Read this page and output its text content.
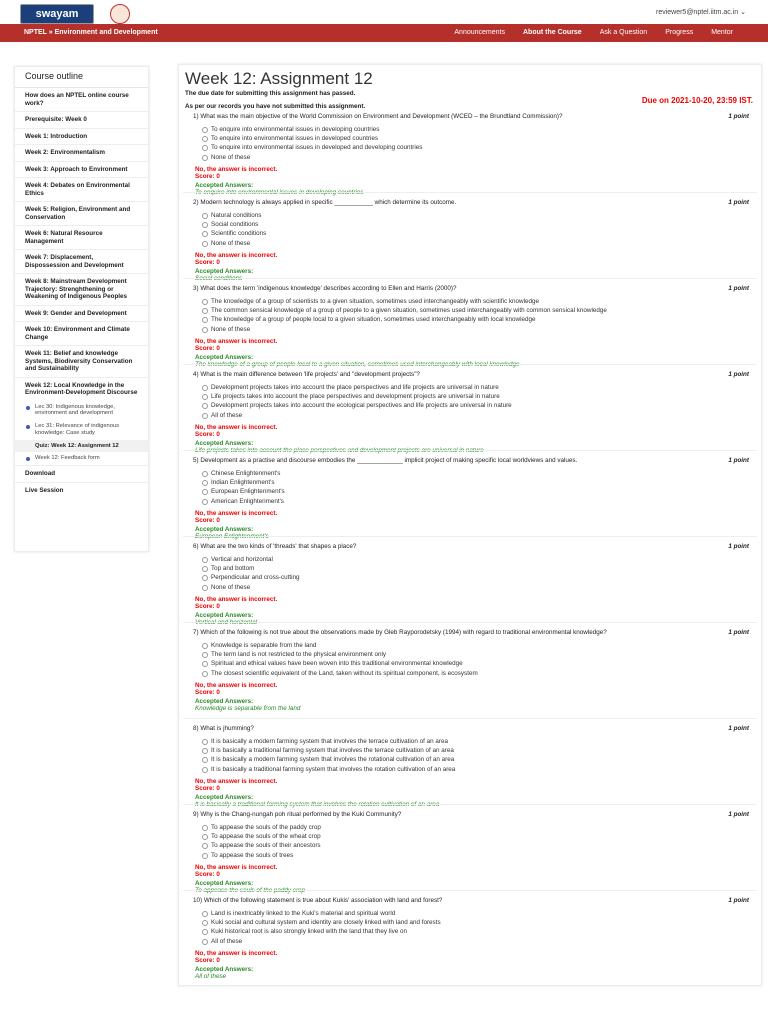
swayam	reviewer5@nptel.iitm.ac.in ⌄
NPTEL » Environment and Development	Announcements	About the Course	Ask a Question	Progress	Mentor
Course outline
How does an NPTEL online course work?
Prerequisite: Week 0
Week 1: Introduction
Week 2: Environmentalism
Week 3: Approach to Environment
Week 4: Debates on Environmental Ethics
Week 5: Religion, Environment and Conservation
Week 6: Natural Resource Management
Week 7: Displacement, Dispossession and Development
Week 8: Mainstream Development Trajectory: Strenghthening or Weakening of Indigenous Peoples
Week 9: Gender and Development
Week 10: Environment and Climate Change
Week 11: Belief and knowledge Systems, Biodiversity Conservation and Sustainability
Week 12: Local Knowledge in the Environment-Development Discourse
Lec 30: Indigenous knowledge, environment and development
Lec 31: Relevance of indigenous knowledge: Case study
Quiz: Week 12: Assignment 12
Week 12: Feedback form
Download
Live Session
Week 12: Assignment 12
The due date for submitting this assignment has passed.
Due on 2021-10-20, 23:59 IST.
As per our records you have not submitted this assignment.
1) What was the main objective of the World Commission on Environment and Development (WCED – the Brundtland Commission)?	1 point
To enquire into environmental issues in developing countries
To enquire into environmental issues in developed countries
To enquire into environmental issues in developed and developing countries
None of these
No, the answer is incorrect.
Score: 0
Accepted Answers:
2) Modern technology is always applied in specific ___________ which determine its outcome.	1 point
Natural conditions
Social conditions
Scientific conditions
None of these
No, the answer is incorrect.
Score: 0
Accepted Answers:
3) What does the term 'indigenous knowledge' describes according to Ellen and Harris (2000)?	1 point
The knowledge of a group of scientists to a given situation, sometimes used interchangeably with scientific knowledge
The common sensical knowledge of a group of people to a given situation, sometimes used interchangeably with common sensical knowledge
The knowledge of a group of people local to a given situation, sometimes used interchangeably with local knowledge
None of these
No, the answer is incorrect.
Score: 0
Accepted Answers:
4) What is the main difference between 'life projects' and "development projects"?	1 point
Development projects takes into account the place perspectives and life projects are universal in nature
Life projects takes into account the place perspectives and development projects are universal in nature
Development projects takes into account the ecological perspectives and life projects are universal in nature
All of these
No, the answer is incorrect.
Score: 0
Accepted Answers:
5) Development as a practise and discourse embodies the _____________ implicit project of making specific local worldviews and values.	1 point
Chinese Enlightenment's
Indian Enlightenment's
European Enlightenment's
American Enlightenment's
No, the answer is incorrect.
Score: 0
Accepted Answers:
6) What are the two kinds of 'threads' that shapes a place?	1 point
Vertical and horizontal
Top and bottom
Perpendicular and cross-cutting
None of these
No, the answer is incorrect.
Score: 0
Accepted Answers:
7) Which of the following is not true about the observations made by Gleb Rayporodetsky (1994) with regard to traditional environmental knowledge?	1 point
Knowledge is separable from the land
The term land is not restricted to the physical environment only
Spiritual and ethical values have been woven into this traditional environmental knowledge
The closest scientific equivalent of the Land, taken without its spiritual component, is ecosystem
No, the answer is incorrect.
Score: 0
Accepted Answers:
Knowledge is separable from the land
8) What is jhumming?	1 point
It is basically a modern farming system that involves the terrace cultivation of an area
It is basically a traditional farming system that involves the terrace cultivation of an area
It is basically a modern farming system that involves the rotational cultivation of an area
It is basically a traditional farming system that involves the rotation cultivation of an area
No, the answer is incorrect.
Score: 0
Accepted Answers:
9) Why is the Chang-nungah poh ritual performed by the Kuki Community?	1 point
To appease the souls of the paddy crop
To appease the souls of the wheat crop
To appease the souls of their ancestors
To appease the souls of trees
No, the answer is incorrect.
Score: 0
Accepted Answers:
10) Which of the following statement is true about Kukis' association with land and forest?	1 point
Land is inextricably linked to the Kuki's material and spiritual world
Kuki social and cultural system and identity are closely linked with land and forests
Kuki historical root is also strongly linked with the land that they live on
All of these
No, the answer is incorrect.
Score: 0
Accepted Answers:
All of these
